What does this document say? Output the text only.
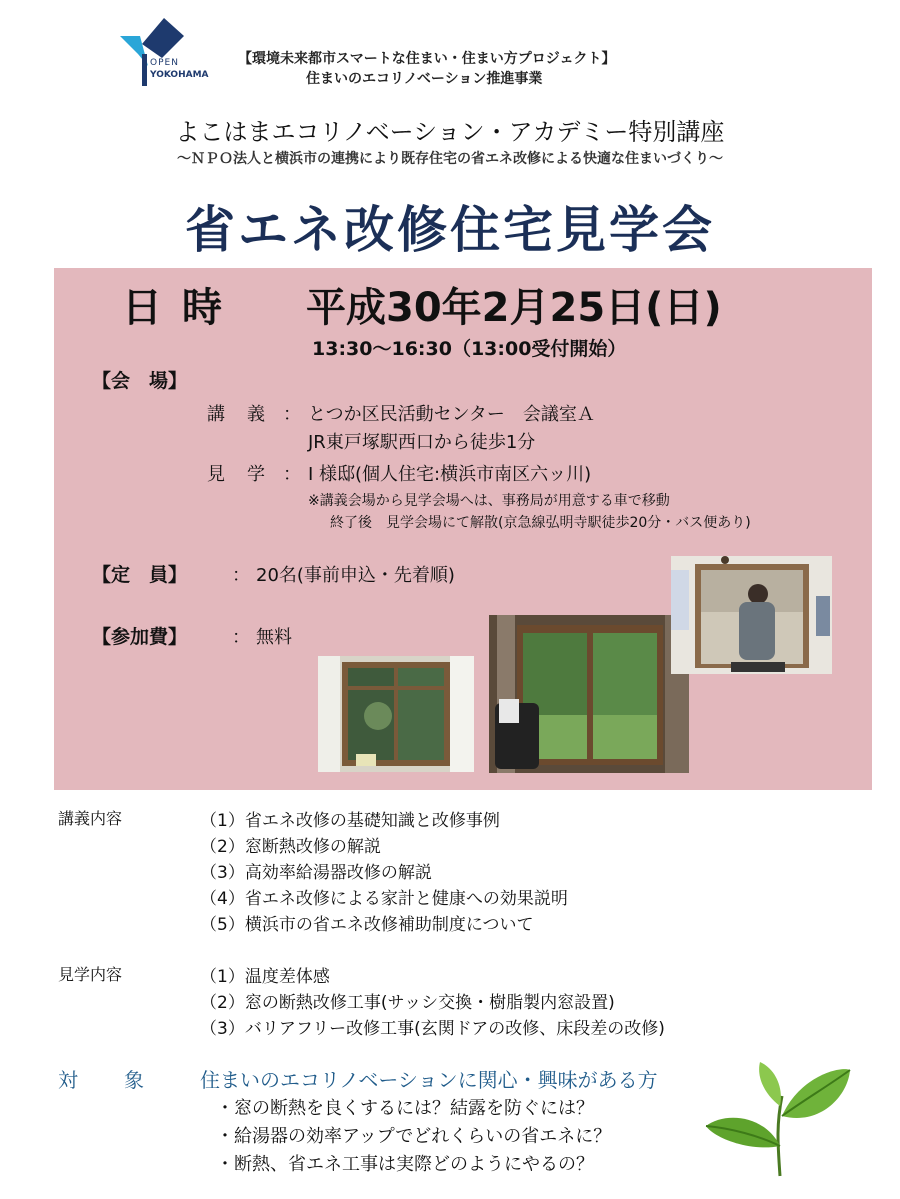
OPEN
YOKOHAMA
【環境未来都市スマートな住まい・住まい方プロジェクト】
住まいのエコリノベーション推進事業
よこはまエコリノベーション・アカデミー特別講座
～ＮＰＯ法人と横浜市の連携により既存住宅の省エネ改修による快適な住まいづくり～
省エネ改修住宅見学会
日時 平成30年2月25日(日)
13:30～16:30（13:00受付開始）
【会　場】
講　義 ： とつか区民活動センター　会議室Ａ
JR東戸塚駅西口から徒歩1分
見　学 ： I 様邸(個人住宅:横浜市南区六ッ川)
※講義会場から見学会場へは、事務局が用意する車で移動
終了後　見学会場にて解散(京急線弘明寺駅徒歩20分・バス便あり)
【定　員】 ： 20名(事前申込・先着順)
【参加費】 ： 無料
講義内容	（1）省エネ改修の基礎知識と改修事例
（2）窓断熱改修の解説
（3）高効率給湯器改修の解説
（4）省エネ改修による家計と健康への効果説明
（5）横浜市の省エネ改修補助制度について
見学内容	（1）温度差体感
（2）窓の断熱改修工事(サッシ交換・樹脂製内窓設置)
（3）バリアフリー改修工事(玄関ドアの改修、床段差の改修)
対　　象	住まいのエコリノベーションに関心・興味がある方
・窓の断熱を良くするには？結露を防ぐには？
・給湯器の効率アップでどれくらいの省エネに？
・断熱、省エネ工事は実際どのようにやるの？
